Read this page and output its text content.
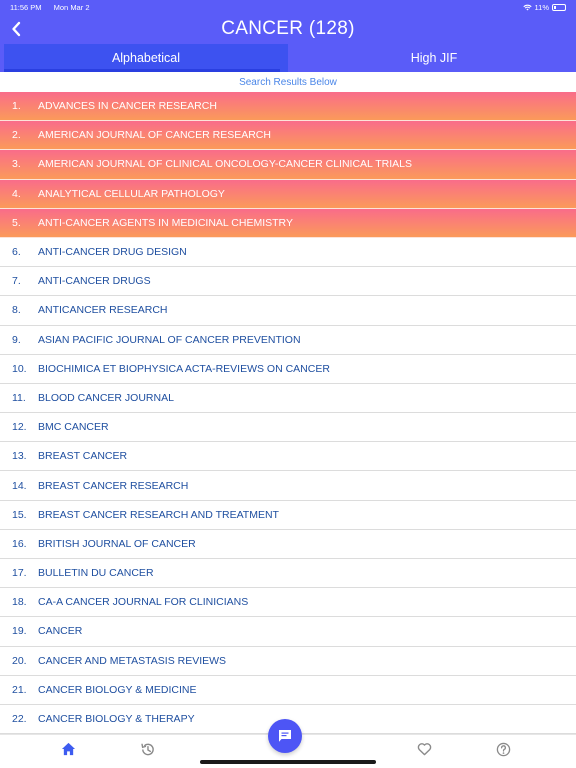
11:56 PM Mon Mar 2	11%
CANCER (128)
Alphabetical	High JIF
Search Results Below
1.	ADVANCES IN CANCER RESEARCH
2.	AMERICAN JOURNAL OF CANCER RESEARCH
3.	AMERICAN JOURNAL OF CLINICAL ONCOLOGY-CANCER CLINICAL TRIALS
4.	ANALYTICAL CELLULAR PATHOLOGY
5.	ANTI-CANCER AGENTS IN MEDICINAL CHEMISTRY
6.	ANTI-CANCER DRUG DESIGN
7.	ANTI-CANCER DRUGS
8.	ANTICANCER RESEARCH
9.	ASIAN PACIFIC JOURNAL OF CANCER PREVENTION
10.	BIOCHIMICA ET BIOPHYSICA ACTA-REVIEWS ON CANCER
11.	BLOOD CANCER JOURNAL
12.	BMC CANCER
13.	BREAST CANCER
14.	BREAST CANCER RESEARCH
15.	BREAST CANCER RESEARCH AND TREATMENT
16.	BRITISH JOURNAL OF CANCER
17.	BULLETIN DU CANCER
18.	CA-A CANCER JOURNAL FOR CLINICIANS
19.	CANCER
20.	CANCER AND METASTASIS REVIEWS
21.	CANCER BIOLOGY & MEDICINE
22.	CANCER BIOLOGY & THERAPY
